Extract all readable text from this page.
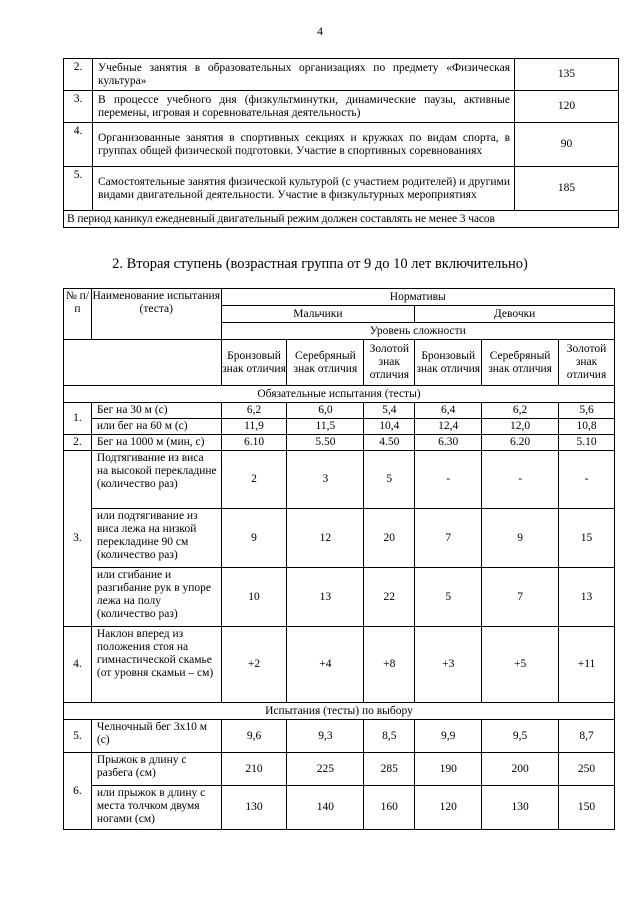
4
2.	Учебные занятия в образовательных организациях по предмету «Физическая культура»	135
3.	В процессе учебного дня (физкультминутки, динамические паузы, активные перемены, игровая и соревновательная деятельность)	120
4.	Организованные занятия в спортивных секциях и кружках по видам спорта, в группах общей физической подготовки. Участие в спортивных соревнованиях	90
5.	Самостоятельные занятия физической культурой (с участием родителей) и другими видами двигательной деятельности. Участие в физкультурных мероприятиях	185
В период каникул ежедневный двигательный режим должен составлять не менее 3 часов		
2. Вторая ступень (возрастная группа от 9 до 10 лет включительно)
№ п/п	Наименование испытания (теста)	Нормативы					
		Мальчики			Девочки		
		Уровень сложности					
		Бронзовый знак отличия	Серебряный знак отличия	Золотой знак отличия	Бронзовый знак отличия	Серебряный знак отличия	Золотой знак отличия
Обязательные испытания (тесты)							
1.	Бег на 30 м (с)	6,2	6,0	5,4	6,4	6,2	5,6
	или бег на 60 м (с)	11,9	11,5	10,4	12,4	12,0	10,8
2.	Бег на 1000 м (мин, с)	6.10	5.50	4.50	6.30	6.20	5.10
3.	Подтягивание из виса на высокой перекладине (количество раз)	2	3	5	-	-	-
	или подтягивание из виса лежа на низкой перекладине 90 см (количество раз)	9	12	20	7	9	15
	или сгибание и разгибание рук в упоре лежа на полу (количество раз)	10	13	22	5	7	13
4.	Наклон вперед из положения стоя на гимнастической скамье (от уровня скамьи – см)	+2	+4	+8	+3	+5	+11
Испытания (тесты) по выбору							
5.	Челночный бег 3х10 м (с)	9,6	9,3	8,5	9,9	9,5	8,7
6.	Прыжок в длину с разбега (см)	210	225	285	190	200	250
	или прыжок в длину с места толчком двумя ногами (см)	130	140	160	120	130	150
